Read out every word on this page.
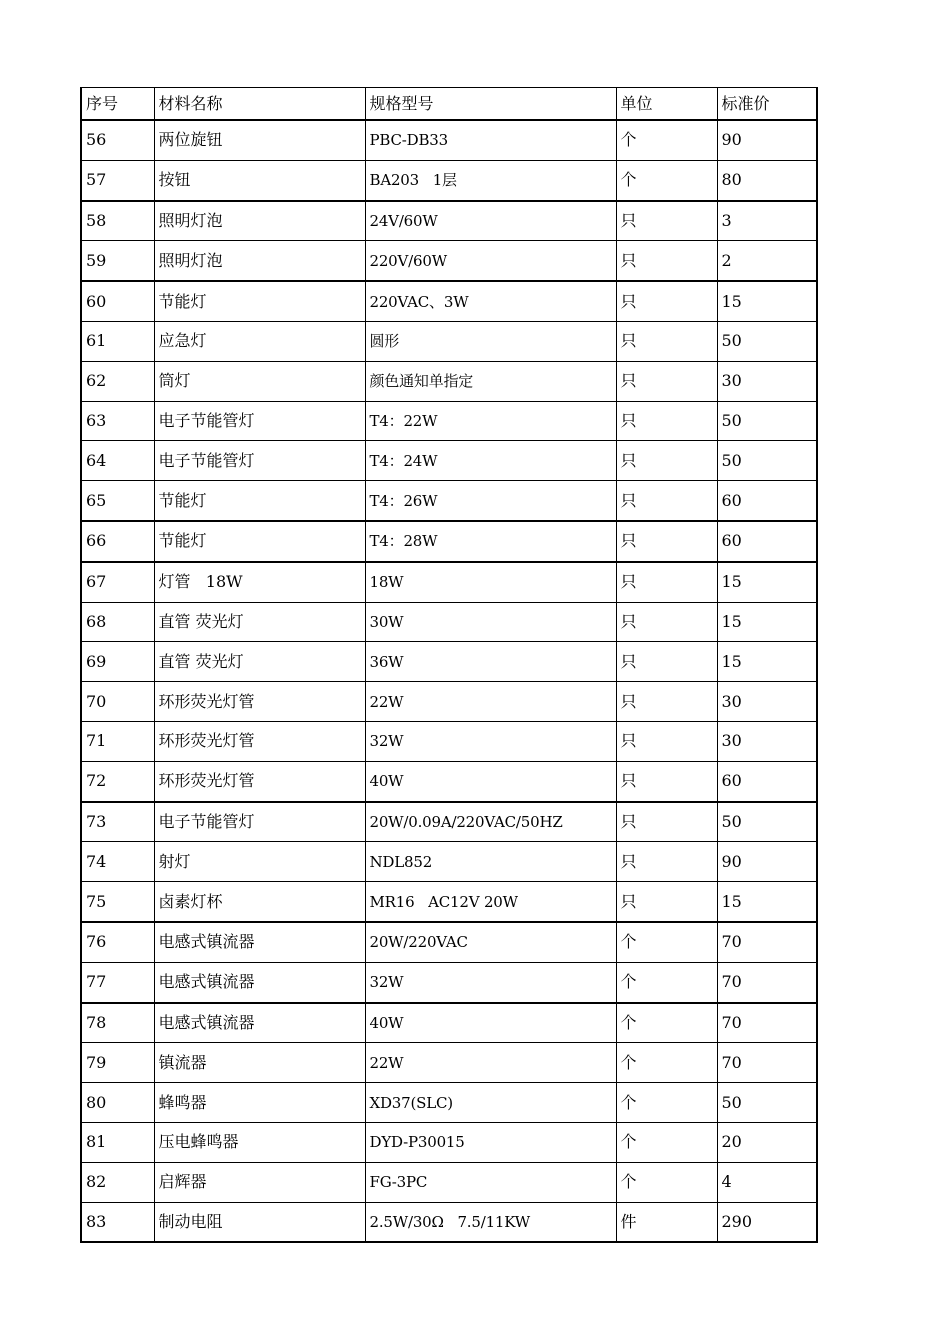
序号	材料名称	规格型号	单位	标准价
56	两位旋钮	PBC-DB33	个	90
57	按钮	BA203   1层	个	80
58	照明灯泡	24V/60W	只	3
59	照明灯泡	220V/60W	只	2
60	节能灯	220VAC、3W	只	15
61	应急灯	圆形	只	50
62	筒灯	颜色通知单指定	只	30
63	电子节能管灯	T4：22W	只	50
64	电子节能管灯	T4：24W	只	50
65	节能灯	T4：26W	只	60
66	节能灯	T4：28W	只	60
67	灯管   18W	18W	只	15
68	直管 荧光灯	30W	只	15
69	直管 荧光灯	36W	只	15
70	环形荧光灯管	22W	只	30
71	环形荧光灯管	32W	只	30
72	环形荧光灯管	40W	只	60
73	电子节能管灯	20W/0.09A/220VAC/50HZ	只	50
74	射灯	NDL852	只	90
75	卤素灯杯	MR16   AC12V 20W	只	15
76	电感式镇流器	20W/220VAC	个	70
77	电感式镇流器	32W	个	70
78	电感式镇流器	40W	个	70
79	镇流器	22W	个	70
80	蜂鸣器	XD37(SLC)	个	50
81	压电蜂鸣器	DYD-P30015	个	20
82	启辉器	FG-3PC	个	4
83	制动电阻	2.5W/30Ω   7.5/11KW	件	290
